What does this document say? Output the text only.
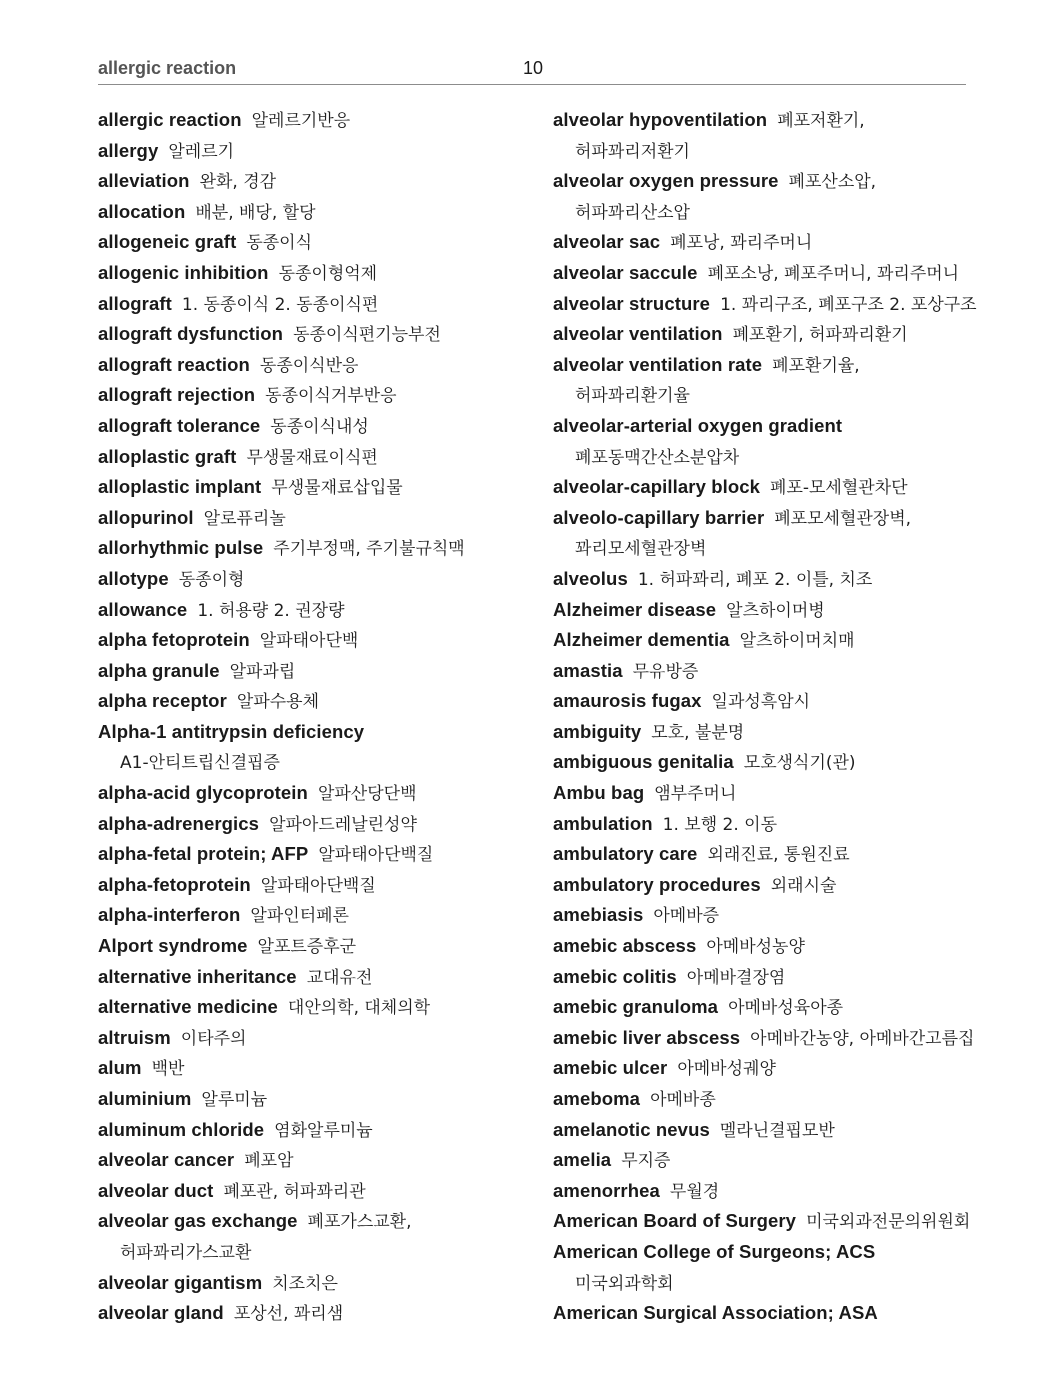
allergic reaction	10
allergic reaction 알레르기반응
allergy 알레르기
alleviation 완화, 경감
allocation 배분, 배당, 할당
allogeneic graft 동종이식
allogenic inhibition 동종이형억제
allograft 1. 동종이식 2. 동종이식편
allograft dysfunction 동종이식편기능부전
allograft reaction 동종이식반응
allograft rejection 동종이식거부반응
allograft tolerance 동종이식내성
alloplastic graft 무생물재료이식편
alloplastic implant 무생물재료삽입물
allopurinol 알로퓨리놀
allorhythmic pulse 주기부정맥, 주기불규칙맥
allotype 동종이형
allowance 1. 허용량 2. 권장량
alpha fetoprotein 알파태아단백
alpha granule 알파과립
alpha receptor 알파수용체
Alpha-1 antitrypsin deficiency
A1-안티트립신결핍증
alpha-acid glycoprotein 알파산당단백
alpha-adrenergics 알파아드레날린성약
alpha-fetal protein; AFP 알파태아단백질
alpha-fetoprotein 알파태아단백질
alpha-interferon 알파인터페론
Alport syndrome 알포트증후군
alternative inheritance 교대유전
alternative medicine 대안의학, 대체의학
altruism 이타주의
alum 백반
aluminium 알루미늄
aluminum chloride 염화알루미늄
alveolar cancer 폐포암
alveolar duct 폐포관, 허파꽈리관
alveolar gas exchange 폐포가스교환,
허파꽈리가스교환
alveolar gigantism 치조치은
alveolar gland 포상선, 꽈리샘
alveolar hypoventilation 폐포저환기,
허파꽈리저환기
alveolar oxygen pressure 폐포산소압,
허파꽈리산소압
alveolar sac 폐포낭, 꽈리주머니
alveolar saccule 폐포소낭, 폐포주머니, 꽈리주머니
alveolar structure 1. 꽈리구조, 폐포구조 2. 포상구조
alveolar ventilation 폐포환기, 허파꽈리환기
alveolar ventilation rate 폐포환기율,
허파꽈리환기율
alveolar-arterial oxygen gradient
폐포동맥간산소분압차
alveolar-capillary block 폐포-모세혈관차단
alveolo-capillary barrier 폐포모세혈관장벽,
꽈리모세혈관장벽
alveolus 1. 허파꽈리, 폐포 2. 이틀, 치조
Alzheimer disease 알츠하이머병
Alzheimer dementia 알츠하이머치매
amastia 무유방증
amaurosis fugax 일과성흑암시
ambiguity 모호, 불분명
ambiguous genitalia 모호생식기(관)
Ambu bag 앰부주머니
ambulation 1. 보행 2. 이동
ambulatory care 외래진료, 통원진료
ambulatory procedures 외래시술
amebiasis 아메바증
amebic abscess 아메바성농양
amebic colitis 아메바결장염
amebic granuloma 아메바성육아종
amebic liver abscess 아메바간농양, 아메바간고름집
amebic ulcer 아메바성궤양
ameboma 아메바종
amelanotic nevus 멜라닌결핍모반
amelia 무지증
amenorrhea 무월경
American Board of Surgery 미국외과전문의위원회
American College of Surgeons; ACS
미국외과학회
American Surgical Association; ASA
